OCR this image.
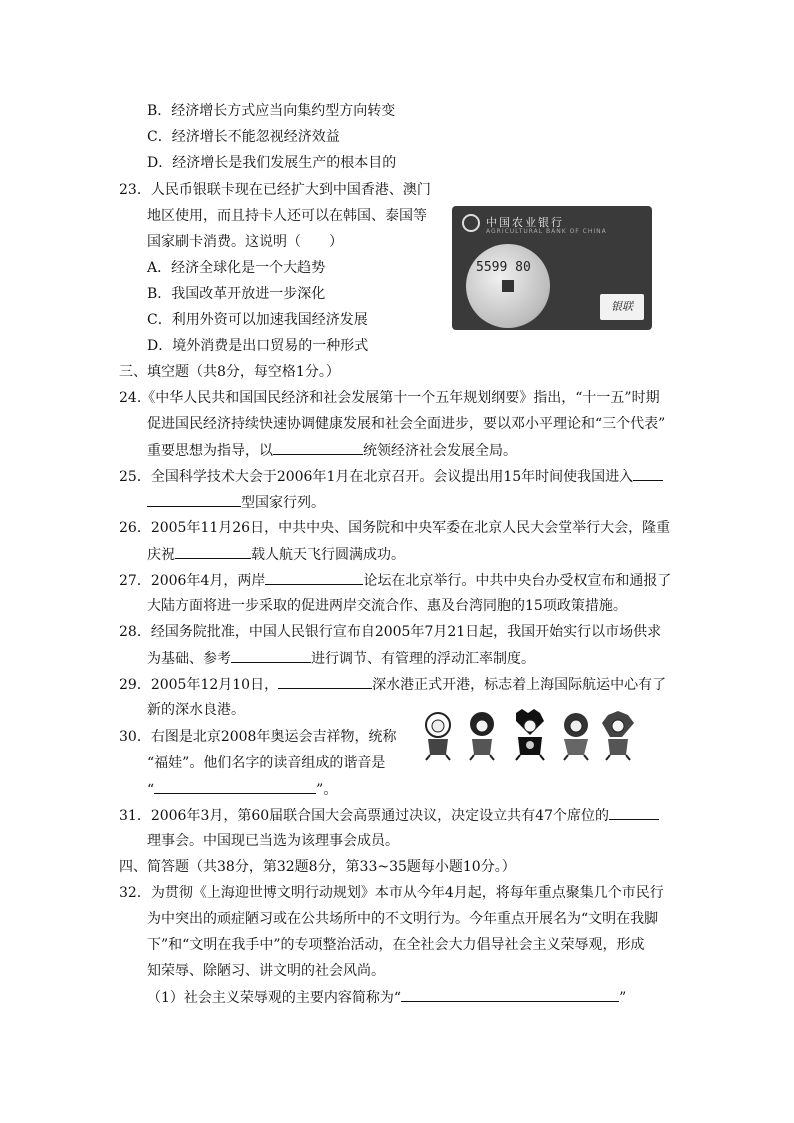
B．经济增长方式应当向集约型方向转变
C．经济增长不能忽视经济效益
D．经济增长是我们发展生产的根本目的
23．人民币银联卡现在已经扩大到中国香港、澳门
地区使用，而且持卡人还可以在韩国、泰国等
国家刷卡消费。这说明（　　）
A．经济全球化是一个大趋势
B．我国改革开放进一步深化
C．利用外资可以加速我国经济发展
D．境外消费是出口贸易的一种形式
中国农业银行
AGRICULTURAL BANK OF CHINA
5599 80
银联
三、填空题（共8分，每空格1分。）
24.《中华人民共和国国民经济和社会发展第十一个五年规划纲要》指出，“十一五”时期
促进国民经济持续快速协调健康发展和社会全面进步，要以邓小平理论和“三个代表”
重要思想为指导，以	统领经济社会发展全局。
25．全国科学技术大会于2006年1月在北京召开。会议提出用15年时间使我国进入
型国家行列。
26．2005年11月26日，中共中央、国务院和中央军委在北京人民大会堂举行大会，隆重
庆祝	载人航天飞行圆满成功。
27．2006年4月，两岸	论坛在北京举行。中共中央台办受权宣布和通报了
大陆方面将进一步采取的促进两岸交流合作、惠及台湾同胞的15项政策措施。
28．经国务院批准，中国人民银行宣布自2005年7月21日起，我国开始实行以市场供求
为基础、参考	进行调节、有管理的浮动汇率制度。
29．2005年12月10日，	深水港正式开港，标志着上海国际航运中心有了
新的深水良港。
30．右图是北京2008年奥运会吉祥物，统称
“福娃”。他们名字的读音组成的谐音是
“	”。
31．2006年3月，第60届联合国大会高票通过决议，决定设立共有47个席位的
理事会。中国现已当选为该理事会成员。
四、简答题（共38分，第32题8分，第33~35题每小题10分。）
32．为贯彻《上海迎世博文明行动规划》本市从今年4月起，将每年重点聚集几个市民行
为中突出的顽症陋习或在公共场所中的不文明行为。今年重点开展名为“文明在我脚
下”和“文明在我手中”的专项整治活动，在全社会大力倡导社会主义荣辱观，形成
知荣辱、除陋习、讲文明的社会风尚。
（1）社会主义荣辱观的主要内容简称为“	”
